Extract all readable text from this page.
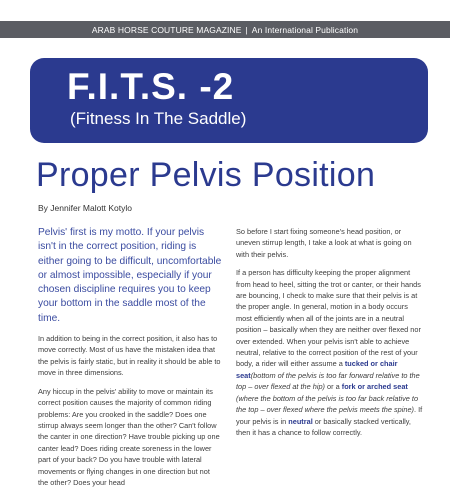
ARAB HORSE COUTURE MAGAZINE | An International Publication
F.I.T.S. -2
(Fitness In The Saddle)
Proper Pelvis Position
By Jennifer Malott Kotylo

Pelvis' first is my motto. If your pelvis isn't in the correct position, riding is either going to be difficult, uncomfortable or almost impossible, especially if your chosen discipline requires you to keep your bottom in the saddle most of the time.

In addition to being in the correct position, it also has to move correctly. Most of us have the mistaken idea that the pelvis is fairly static, but in reality it should be able to move in three dimensions.

Any hiccup in the pelvis' ability to move or maintain its correct position causes the majority of common riding problems: Are you crooked in the saddle? Does one stirrup always seem longer than the other? Can't follow the canter in one direction? Have trouble picking up one canter lead? Does riding create soreness in the lower part of your back? Do you have trouble with lateral movements or flying changes in one direction but not the other? Does your head

So before I start fixing someone's head position, or uneven stirrup length, I take a look at what is going on with their pelvis.

If a person has difficulty keeping the proper alignment from head to heel, sitting the trot or canter, or their hands are bouncing, I check to make sure that their pelvis is at the proper angle. In general, motion in a body occurs most efficiently when all of the joints are in a neutral position – basically when they are neither over flexed nor over extended. When your pelvis isn't able to achieve neutral, relative to the correct position of the rest of your body, a rider will either assume a tucked or chair seat(bottom of the pelvis is too far forward relative to the top – over flexed at the hip) or a fork or arched seat (where the bottom of the pelvis is too far back relative to the top – over flexed where the pelvis meets the spine). If your pelvis is in neutral or basically stacked vertically, then it has a chance to follow correctly.
